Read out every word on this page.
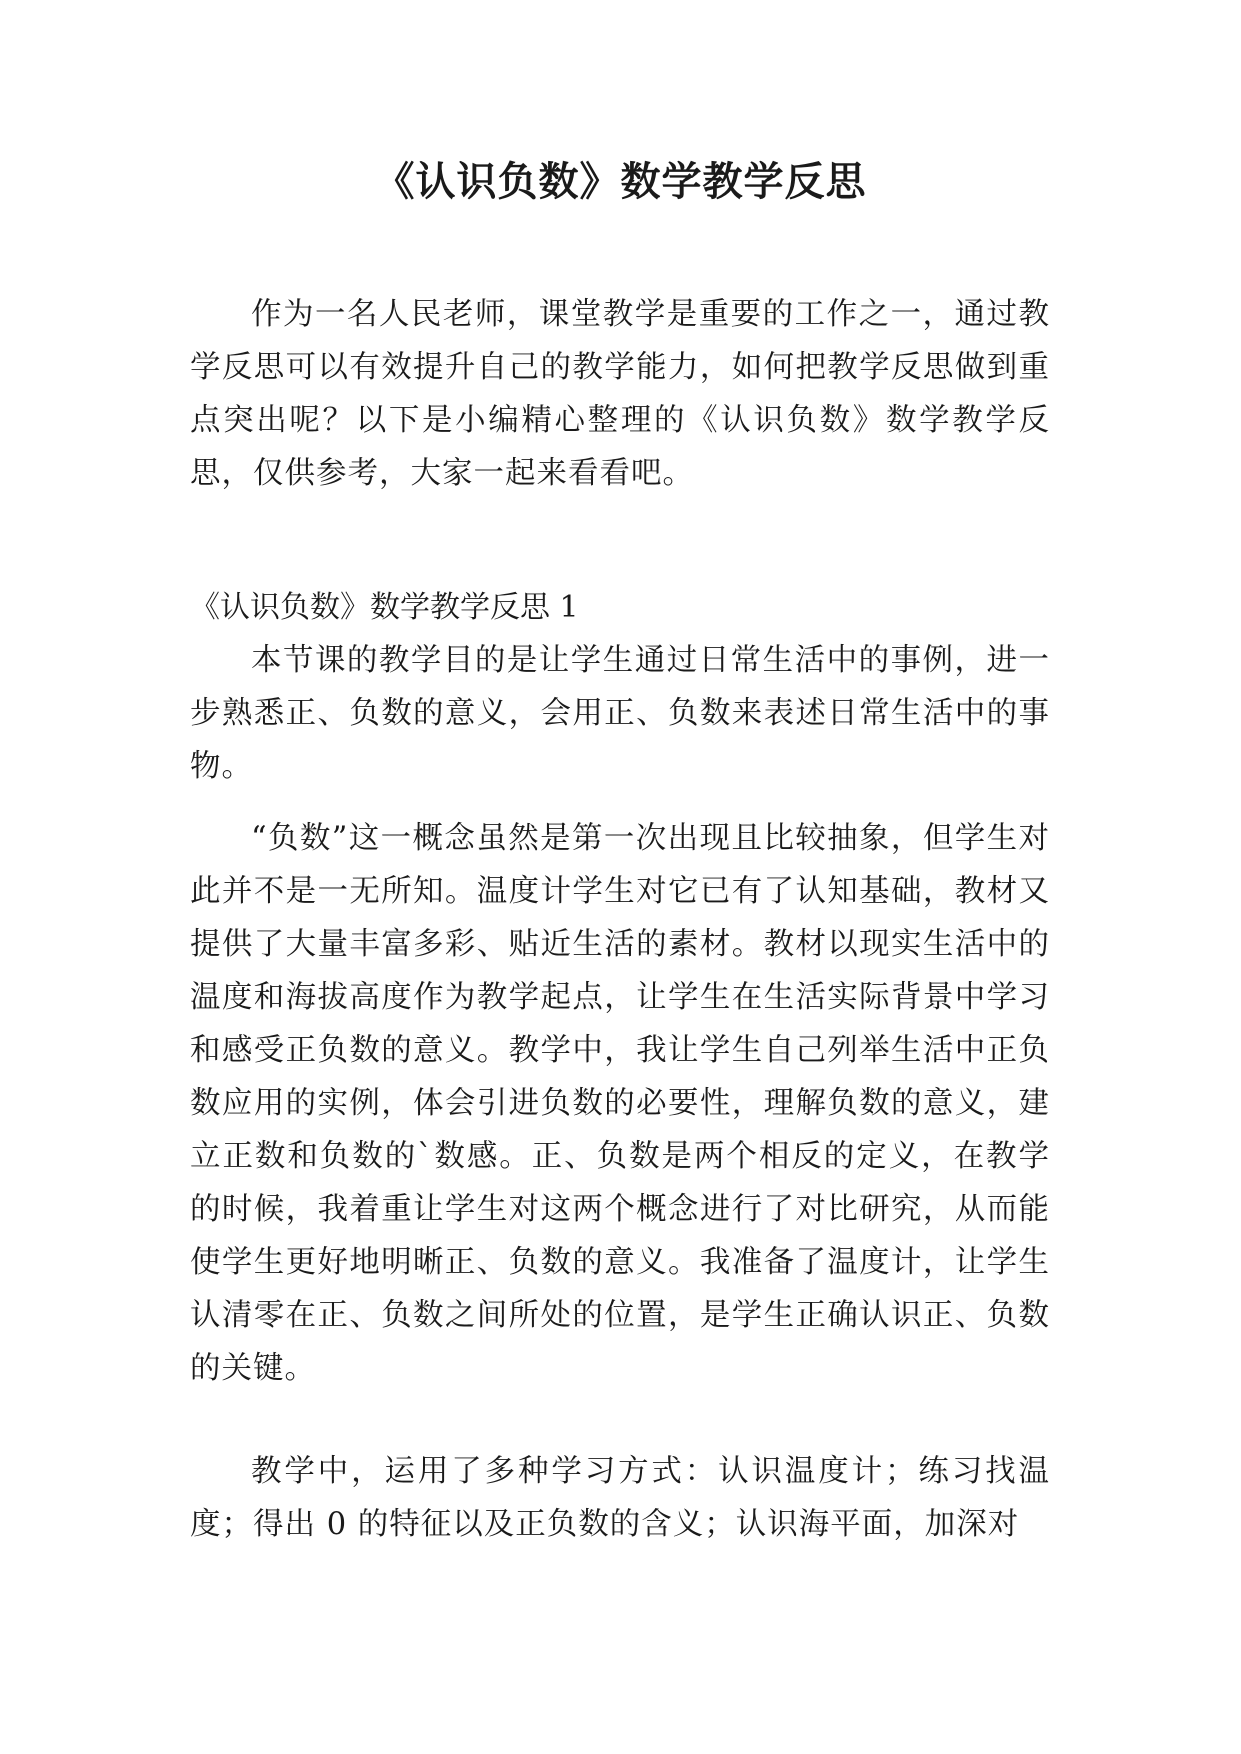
《认识负数》数学教学反思

作为一名人民老师，课堂教学是重要的工作之一，通过教学反思可以有效提升自己的教学能力，如何把教学反思做到重点突出呢？以下是小编精心整理的《认识负数》数学教学反思，仅供参考，大家一起来看看吧。

《认识负数》数学教学反思 1

本节课的教学目的是让学生通过日常生活中的事例，进一步熟悉正、负数的意义，会用正、负数来表述日常生活中的事物。

“负数”这一概念虽然是第一次出现且比较抽象，但学生对此并不是一无所知。温度计学生对它已有了认知基础，教材又提供了大量丰富多彩、贴近生活的素材。教材以现实生活中的温度和海拔高度作为教学起点，让学生在生活实际背景中学习和感受正负数的意义。教学中，我让学生自己列举生活中正负数应用的实例，体会引进负数的必要性，理解负数的意义，建立正数和负数的`数感。正、负数是两个相反的定义，在教学的时候，我着重让学生对这两个概念进行了对比研究，从而能使学生更好地明晰正、负数的意义。我准备了温度计，让学生认清零在正、负数之间所处的位置，是学生正确认识正、负数的关键。

教学中，运用了多种学习方式：认识温度计；练习找温度；得出 0 的特征以及正负数的含义；认识海平面，加深对
